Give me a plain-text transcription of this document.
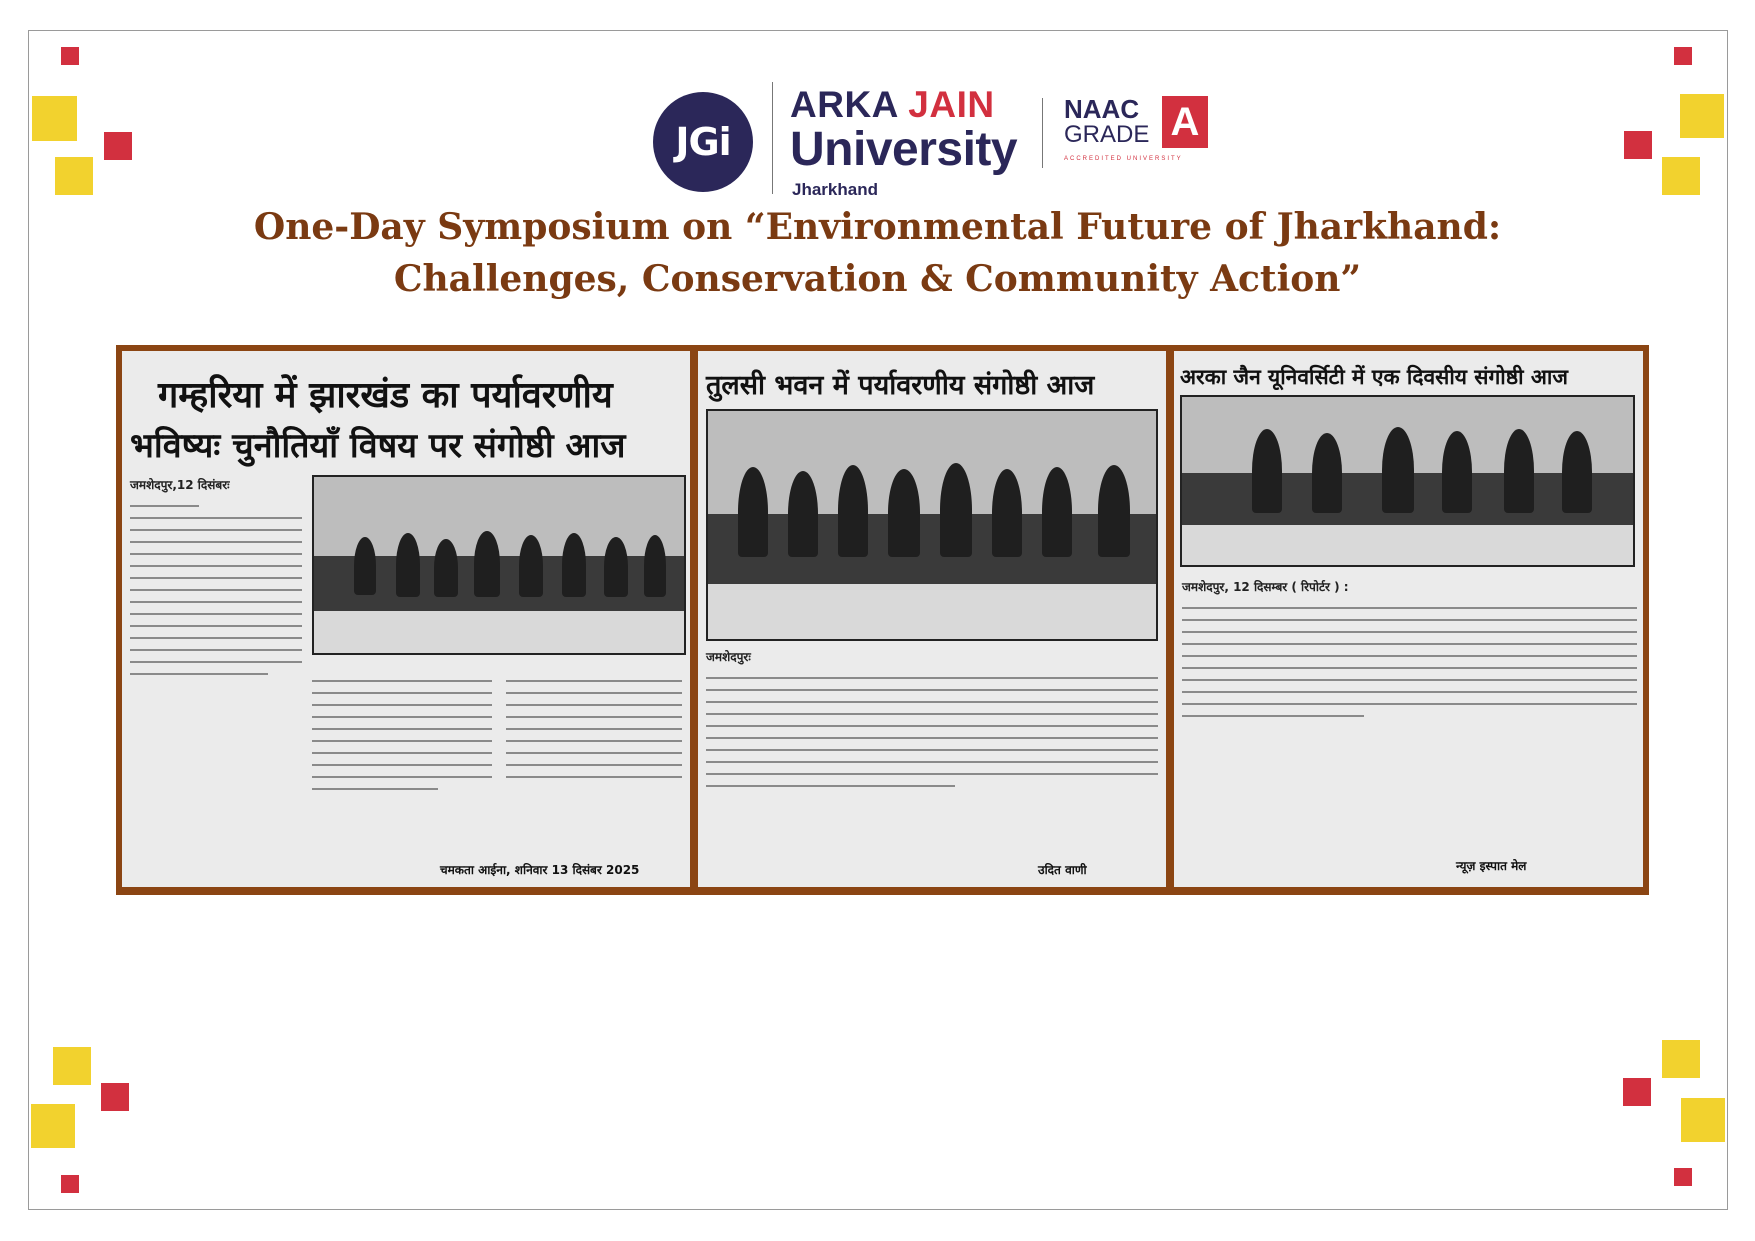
JGi
ARKA JAIN
University
Jharkhand
NAAC
GRADE A
ACCREDITED UNIVERSITY
One-Day Symposium on “Environmental Future of Jharkhand:
Challenges, Conservation & Community Action”
गम्हरिया में झारखंड का पर्यावरणीय
भविष्यः चुनौतियाँ विषय पर संगोष्ठी आज
जमशेदपुर,12 दिसंबरः
चमकता आईना, शनिवार 13 दिसंबर 2025
तुलसी भवन में पर्यावरणीय संगोष्ठी आज
जमशेदपुरः
उदित वाणी
अरका जैन यूनिवर्सिटी में एक दिवसीय संगोष्ठी आज
जमशेदपुर, 12 दिसम्बर ( रिपोर्टर ) :
न्यूज़ इस्पात मेल
